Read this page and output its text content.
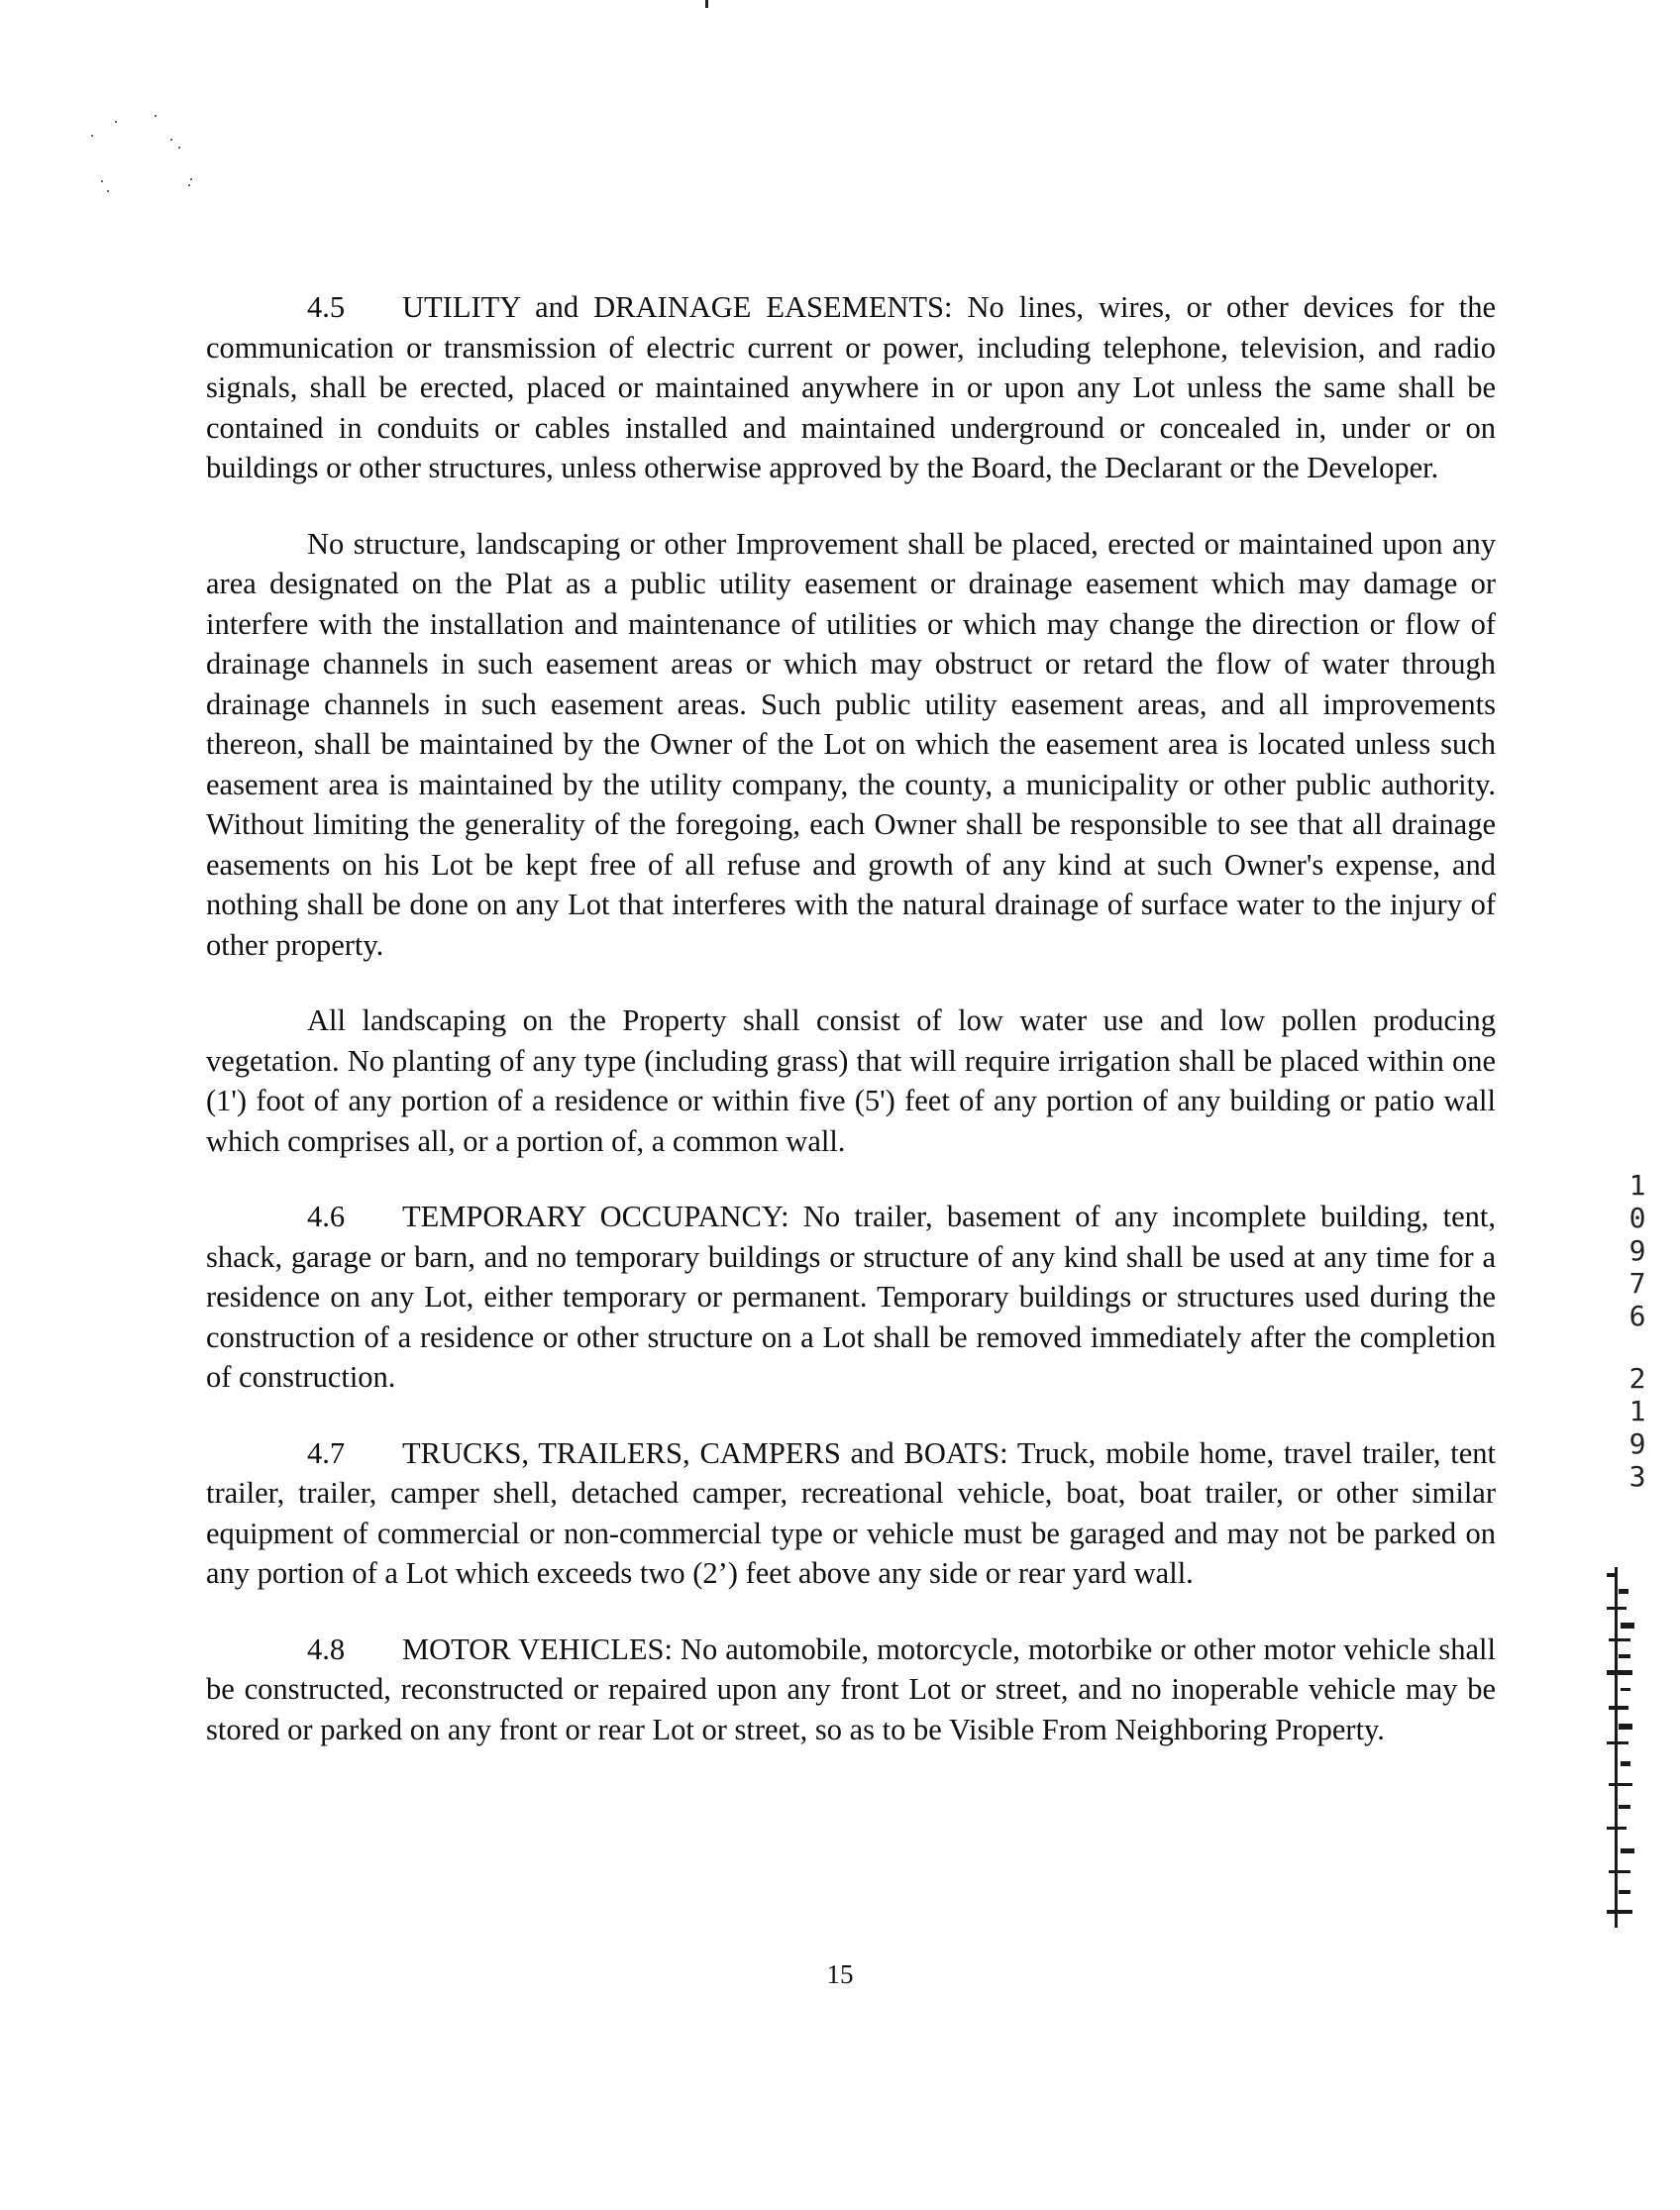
4.5 UTILITY and DRAINAGE EASEMENTS: No lines, wires, or other devices for the communication or transmission of electric current or power, including telephone, television, and radio signals, shall be erected, placed or maintained anywhere in or upon any Lot unless the same shall be contained in conduits or cables installed and maintained underground or concealed in, under or on buildings or other structures, unless otherwise approved by the Board, the Declarant or the Developer.

No structure, landscaping or other Improvement shall be placed, erected or maintained upon any area designated on the Plat as a public utility easement or drainage easement which may damage or interfere with the installation and maintenance of utilities or which may change the direction or flow of drainage channels in such easement areas or which may obstruct or retard the flow of water through drainage channels in such easement areas. Such public utility easement areas, and all improvements thereon, shall be maintained by the Owner of the Lot on which the easement area is located unless such easement area is maintained by the utility company, the county, a municipality or other public authority. Without limiting the generality of the foregoing, each Owner shall be responsible to see that all drainage easements on his Lot be kept free of all refuse and growth of any kind at such Owner's expense, and nothing shall be done on any Lot that interferes with the natural drainage of surface water to the injury of other property.

All landscaping on the Property shall consist of low water use and low pollen producing vegetation. No planting of any type (including grass) that will require irrigation shall be placed within one (1') foot of any portion of a residence or within five (5') feet of any portion of any building or patio wall which comprises all, or a portion of, a common wall.

4.6 TEMPORARY OCCUPANCY: No trailer, basement of any incomplete building, tent, shack, garage or barn, and no temporary buildings or structure of any kind shall be used at any time for a residence on any Lot, either temporary or permanent. Temporary buildings or structures used during the construction of a residence or other structure on a Lot shall be removed immediately after the completion of construction.

4.7 TRUCKS, TRAILERS, CAMPERS and BOATS: Truck, mobile home, travel trailer, tent trailer, trailer, camper shell, detached camper, recreational vehicle, boat, boat trailer, or other similar equipment of commercial or non-commercial type or vehicle must be garaged and may not be parked on any portion of a Lot which exceeds two (2’) feet above any side or rear yard wall.

4.8 MOTOR VEHICLES: No automobile, motorcycle, motorbike or other motor vehicle shall be constructed, reconstructed or repaired upon any front Lot or street, and no inoperable vehicle may be stored or parked on any front or rear Lot or street, so as to be Visible From Neighboring Property.

1
0
9
7
6
2
1
9
3
15
